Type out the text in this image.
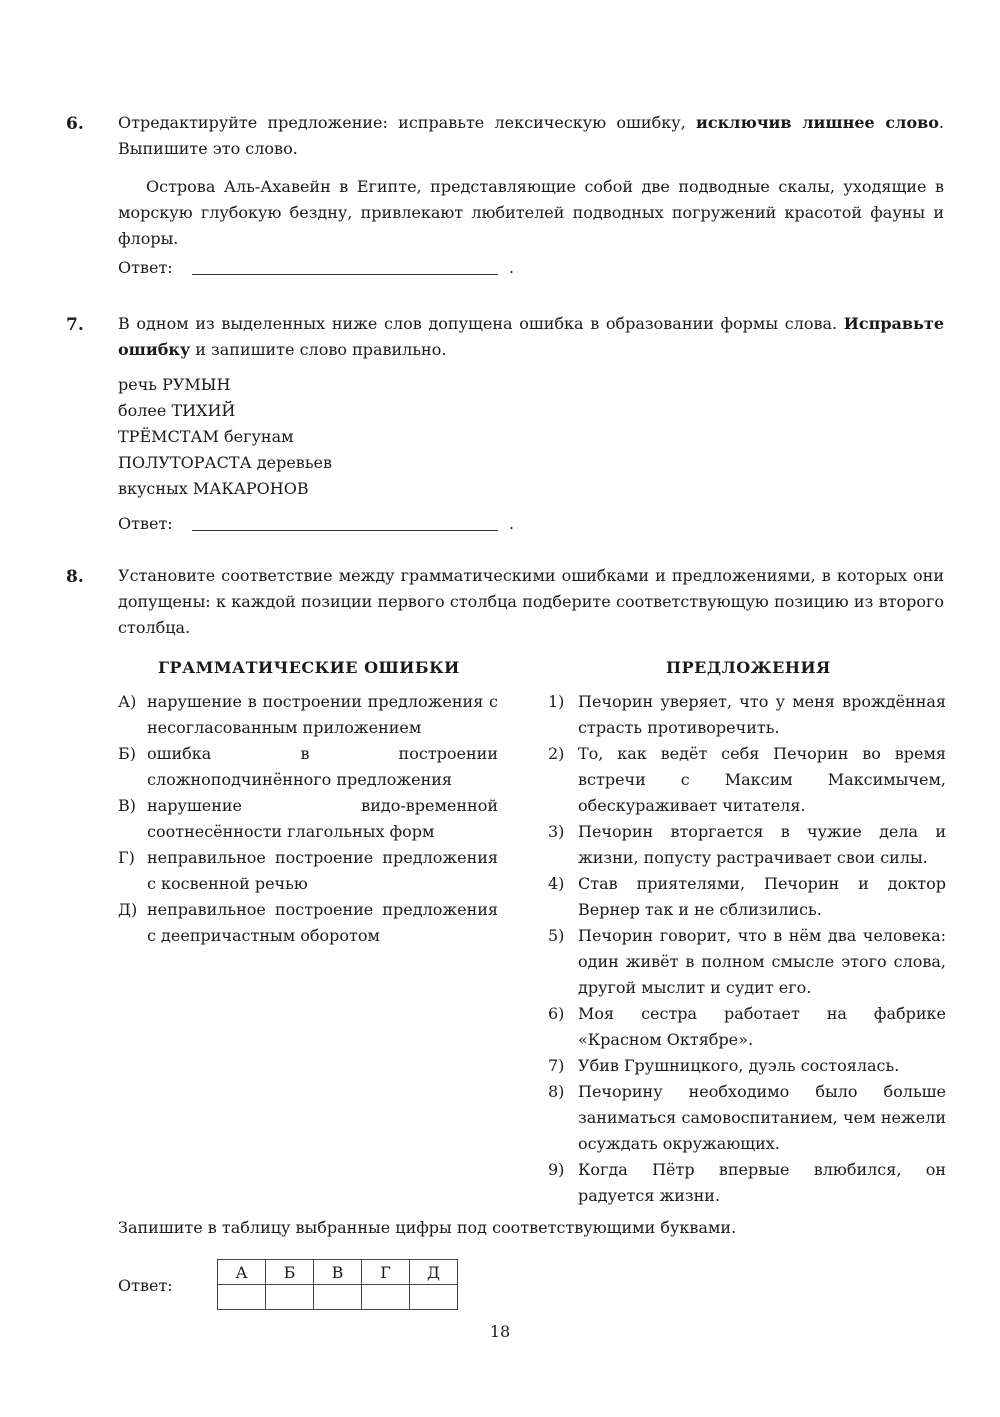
6. Отредактируйте предложение: исправьте лексическую ошибку, исключив лишнее слово. Выпишите это слово.
Острова Аль-Ахавейн в Египте, представляющие собой две подводные скалы, уходящие в морскую глубокую бездну, привлекают любителей подводных погружений красотой фауны и флоры.
Ответ:	.
7. В одном из выделенных ниже слов допущена ошибка в образовании формы слова. Исправьте ошибку и запишите слово правильно.
речь РУМЫН
более ТИХИЙ
ТРЁМСТАМ бегунам
ПОЛУТОРАСТА деревьев
вкусных МАКАРОНОВ
Ответ:	.
8. Установите соответствие между грамматическими ошибками и предложениями, в которых они допущены: к каждой позиции первого столбца подберите соответствующую позицию из второго столбца.
ГРАММАТИЧЕСКИЕ ОШИБКИ	ПРЕДЛОЖЕНИЯ
А) нарушение в построении предложения с несогласованным приложением
Б) ошибка в построении сложноподчинённого предложения
В) нарушение видо-временной соотнесённости глагольных форм
Г) неправильное построение предложения с косвенной речью
Д) неправильное построение предложения с деепричастным оборотом
1) Печорин уверяет, что у меня врождённая страсть противоречить.
2) То, как ведёт себя Печорин во время встречи с Максим Максимычем, обескураживает читателя.
3) Печорин вторгается в чужие дела и жизни, попусту растрачивает свои силы.
4) Став приятелями, Печорин и доктор Вернер так и не сблизились.
5) Печорин говорит, что в нём два человека: один живёт в полном смысле этого слова, другой мыслит и судит его.
6) Моя сестра работает на фабрике «Красном Октябре».
7) Убив Грушницкого, дуэль состоялась.
8) Печорину необходимо было больше заниматься самовоспитанием, чем нежели осуждать окружающих.
9) Когда Пётр впервые влюбился, он радуется жизни.
Запишите в таблицу выбранные цифры под соответствующими буквами.
Ответ:
А	Б	В	Г	Д

18
